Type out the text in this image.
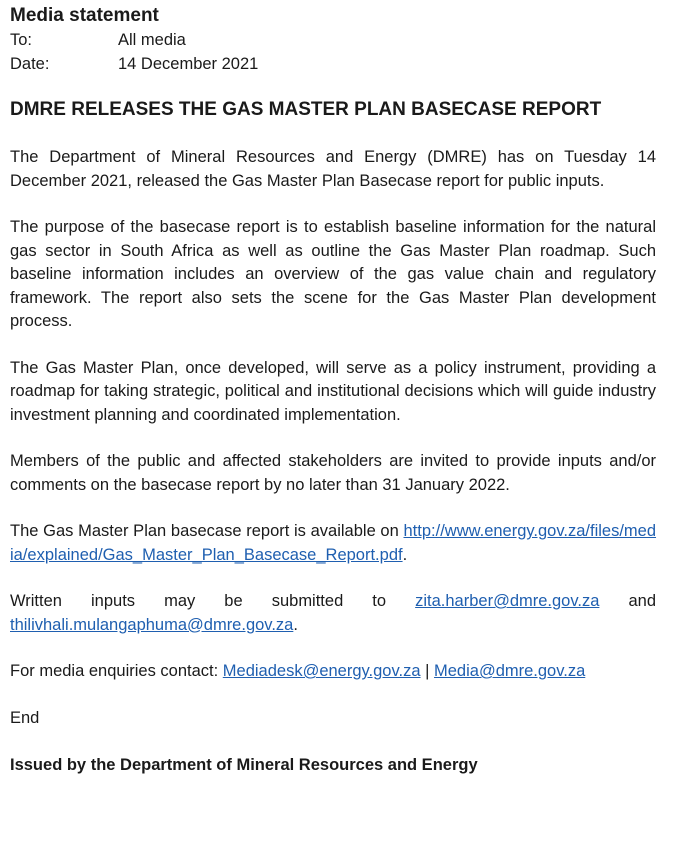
Media statement
To:	All media
Date:	14 December 2021
DMRE RELEASES THE GAS MASTER PLAN BASECASE REPORT

The Department of Mineral Resources and Energy (DMRE) has on Tuesday 14 December 2021, released the Gas Master Plan Basecase report for public inputs.

The purpose of the basecase report is to establish baseline information for the natural gas sector in South Africa as well as outline the Gas Master Plan roadmap. Such baseline information includes an overview of the gas value chain and regulatory framework. The report also sets the scene for the Gas Master Plan development process.

The Gas Master Plan, once developed, will serve as a policy instrument, providing a roadmap for taking strategic, political and institutional decisions which will guide industry investment planning and coordinated implementation.

Members of the public and affected stakeholders are invited to provide inputs and/or comments on the basecase report by no later than 31 January 2022.

The Gas Master Plan basecase report is available on http://www.energy.gov.za/files/media/explained/Gas_Master_Plan_Basecase_Report.pdf.

Written inputs may be submitted to zita.harber@dmre.gov.za and thilivhali.mulangaphuma@dmre.gov.za.

For media enquiries contact: Mediadesk@energy.gov.za | Media@dmre.gov.za

End

Issued by the Department of Mineral Resources and Energy
